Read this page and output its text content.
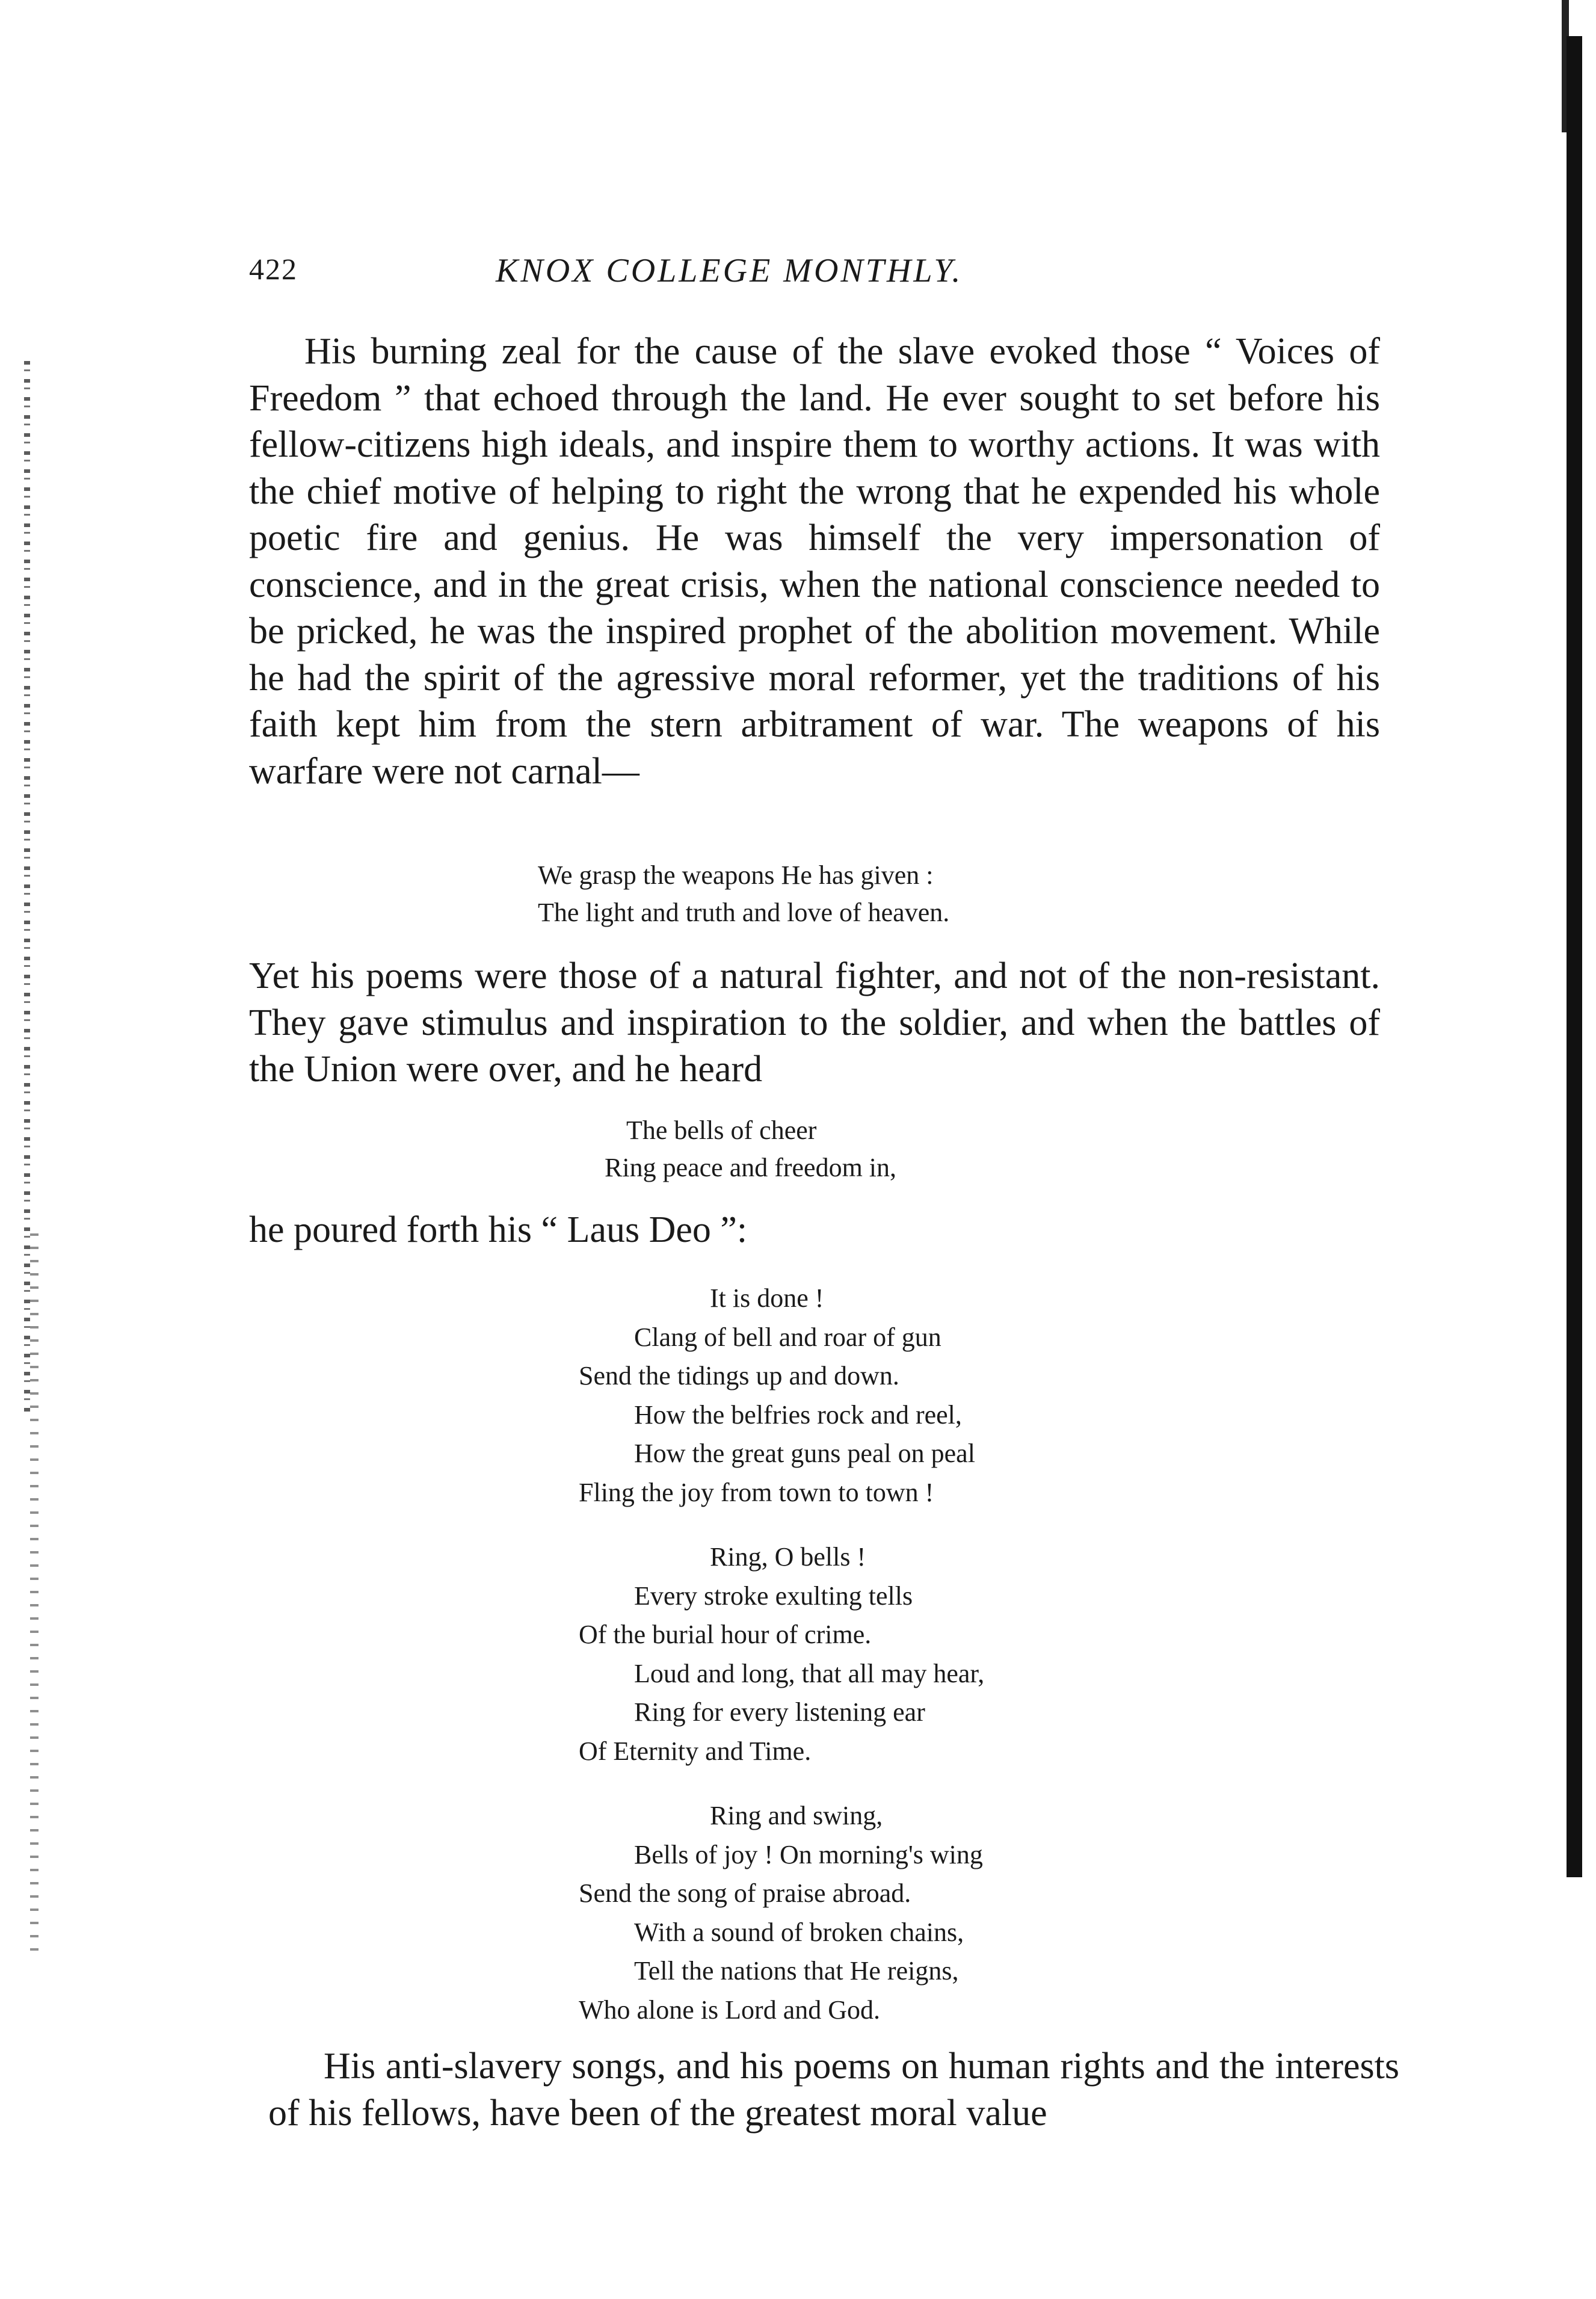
422	KNOX COLLEGE MONTHLY.

His burning zeal for the cause of the slave evoked those “ Voices of Freedom ” that echoed through the land. He ever sought to set before his fellow-citizens high ideals, and inspire them to worthy actions. It was with the chief motive of helping to right the wrong that he expended his whole poetic fire and genius. He was himself the very impersonation of conscience, and in the great crisis, when the national conscience needed to be pricked, he was the inspired prophet of the abolition movement. While he had the spirit of the agressive moral reformer, yet the traditions of his faith kept him from the stern arbitrament of war. The weapons of his warfare were not carnal—

We grasp the weapons He has given :
The light and truth and love of heaven.

Yet his poems were those of a natural fighter, and not of the non-resistant. They gave stimulus and inspiration to the soldier, and when the battles of the Union were over, and he heard

The bells of cheer
Ring peace and freedom in,

he poured forth his “ Laus Deo ”:

It is done !
Clang of bell and roar of gun
Send the tidings up and down.
How the belfries rock and reel,
How the great guns peal on peal
Fling the joy from town to town !
Ring, O bells !
Every stroke exulting tells
Of the burial hour of crime.
Loud and long, that all may hear,
Ring for every listening ear
Of Eternity and Time.
Ring and swing,
Bells of joy ! On morning's wing
Send the song of praise abroad.
With a sound of broken chains,
Tell the nations that He reigns,
Who alone is Lord and God.

His anti-slavery songs, and his poems on human rights and the interests of his fellows, have been of the greatest moral value
